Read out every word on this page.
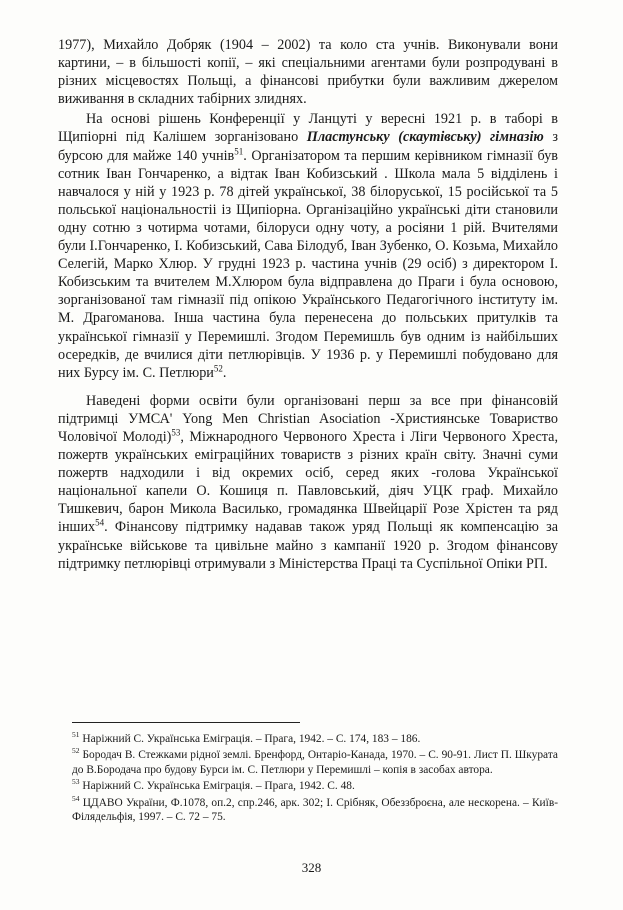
1977), Михайло Добряк (1904 – 2002) та коло ста учнів. Виконували вони картини, – в більшості копії, – які спеціальними агентами були розпродувані в різних місцевостях Польщі, а фінансові прибутки були важливим джерелом виживання в складних табірних злиднях.

На основі рішень Конференції у Ланцуті у вересні 1921 р. в таборі в Щипіорні під Калішем зорганізовано Пластунську (скаутівську) гімназію з бурсою для майже 140 учнів$^{51}$. Організатором та першим керівником гімназії був сотник Іван Гончаренко, а відтак Іван Кобизський . Школа мала 5 відділень і навчалося у ній у 1923 р. 78 дітей української, 38 білоруської, 15 російської та 5 польської національностіі із Щипіорна. Організаційно українські діти становили одну сотню з чотирма чотами, білоруси одну чоту, а росіяни 1 рій. Вчителями були І.Гончаренко, І. Кобизський, Сава Білодуб, Іван Зубенко, О. Козьма, Михайло Селегій, Марко Хлюр. У грудні 1923 р. частина учнів (29 осіб) з директором І. Кобизським та вчителем М.Хлюром була відправлена до Праги і була основою, зорганізованої там гімназії під опікою Українського Педагогічного інституту ім. М. Драгоманова. Інша частина була перенесена до польських притулків та української гімназії у Перемишлі. Згодом Перемишль був одним із найбільших осередків, де вчилися діти петлюрівців. У 1936 р. у Перемишлі побудовано для них Бурсу ім. С. Петлюри$^{52}$.

Наведені форми освіти були організовані перш за все при фінансовій підтримці УМСА' Yong Men Christian Asociation -Християнське Товариство Чоловічої Молоді)$^{53}$, Міжнародного Червоного Хреста і Ліги Червоного Хреста, пожертв українських еміграційних товариств з різних країн світу. Значні суми пожертв надходили і від окремих осіб, серед яких -голова Української національної капели О. Кошиця п. Павловський, діяч УЦК граф. Михайло Тишкевич, барон Микола Василько, громадянка Швейцарії Розе Хрістен та ряд інших$^{54}$. Фінансову підтримку надавав також уряд Польщі як компенсацію за українське військове та цивільне майно з кампанії 1920 р. Згодом фінансову підтримку петлюрівці отримували з Міністерства Праці та Суспільної Опіки РП.

$^{51}$ Наріжний С. Українська Еміграція. – Прага, 1942. – С. 174, 183 – 186.

$^{52}$ Бородач В. Стежками рідної землі. Бренфорд, Онтаріо-Канада, 1970. – С. 90-91. Лист П. Шкурата до В.Бородача про будову Бурси ім. С. Петлюри у Перемишлі – копія в засобах автора.

$^{53}$ Наріжний С. Українська Еміграція. – Прага, 1942. С. 48.

$^{54}$ ЦДАВО України, Ф.1078, оп.2, спр.246, арк. 302; І. Срібняк, Обеззброєна, але нескорена. – Київ-Філядельфія, 1997. – С. 72 – 75.

328
